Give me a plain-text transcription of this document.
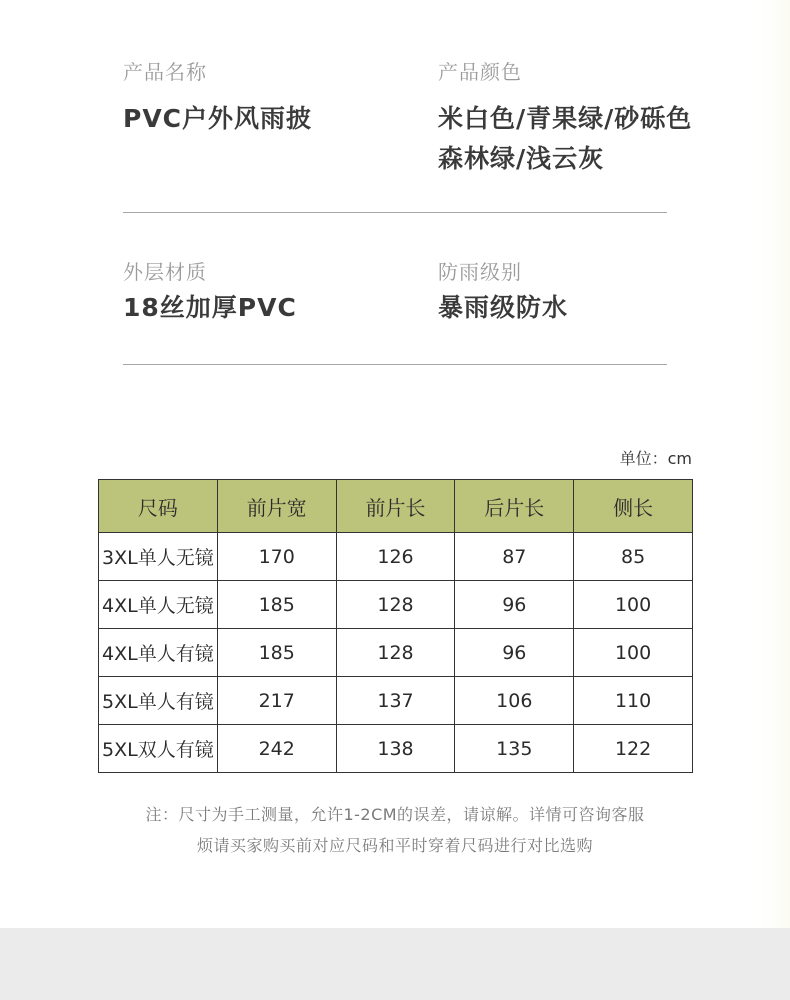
产品名称
PVC户外风雨披
产品颜色
米白色/青果绿/砂砾色
森林绿/浅云灰
外层材质
18丝加厚PVC
防雨级别
暴雨级防水
单位：cm
尺码	前片宽	前片长	后片长	侧长
3XL单人无镜	170	126	87	85
4XL单人无镜	185	128	96	100
4XL单人有镜	185	128	96	100
5XL单人有镜	217	137	106	110
5XL双人有镜	242	138	135	122
注：尺寸为手工测量，允许1-2CM的误差，请谅解。详情可咨询客服
烦请买家购买前对应尺码和平时穿着尺码进行对比选购
